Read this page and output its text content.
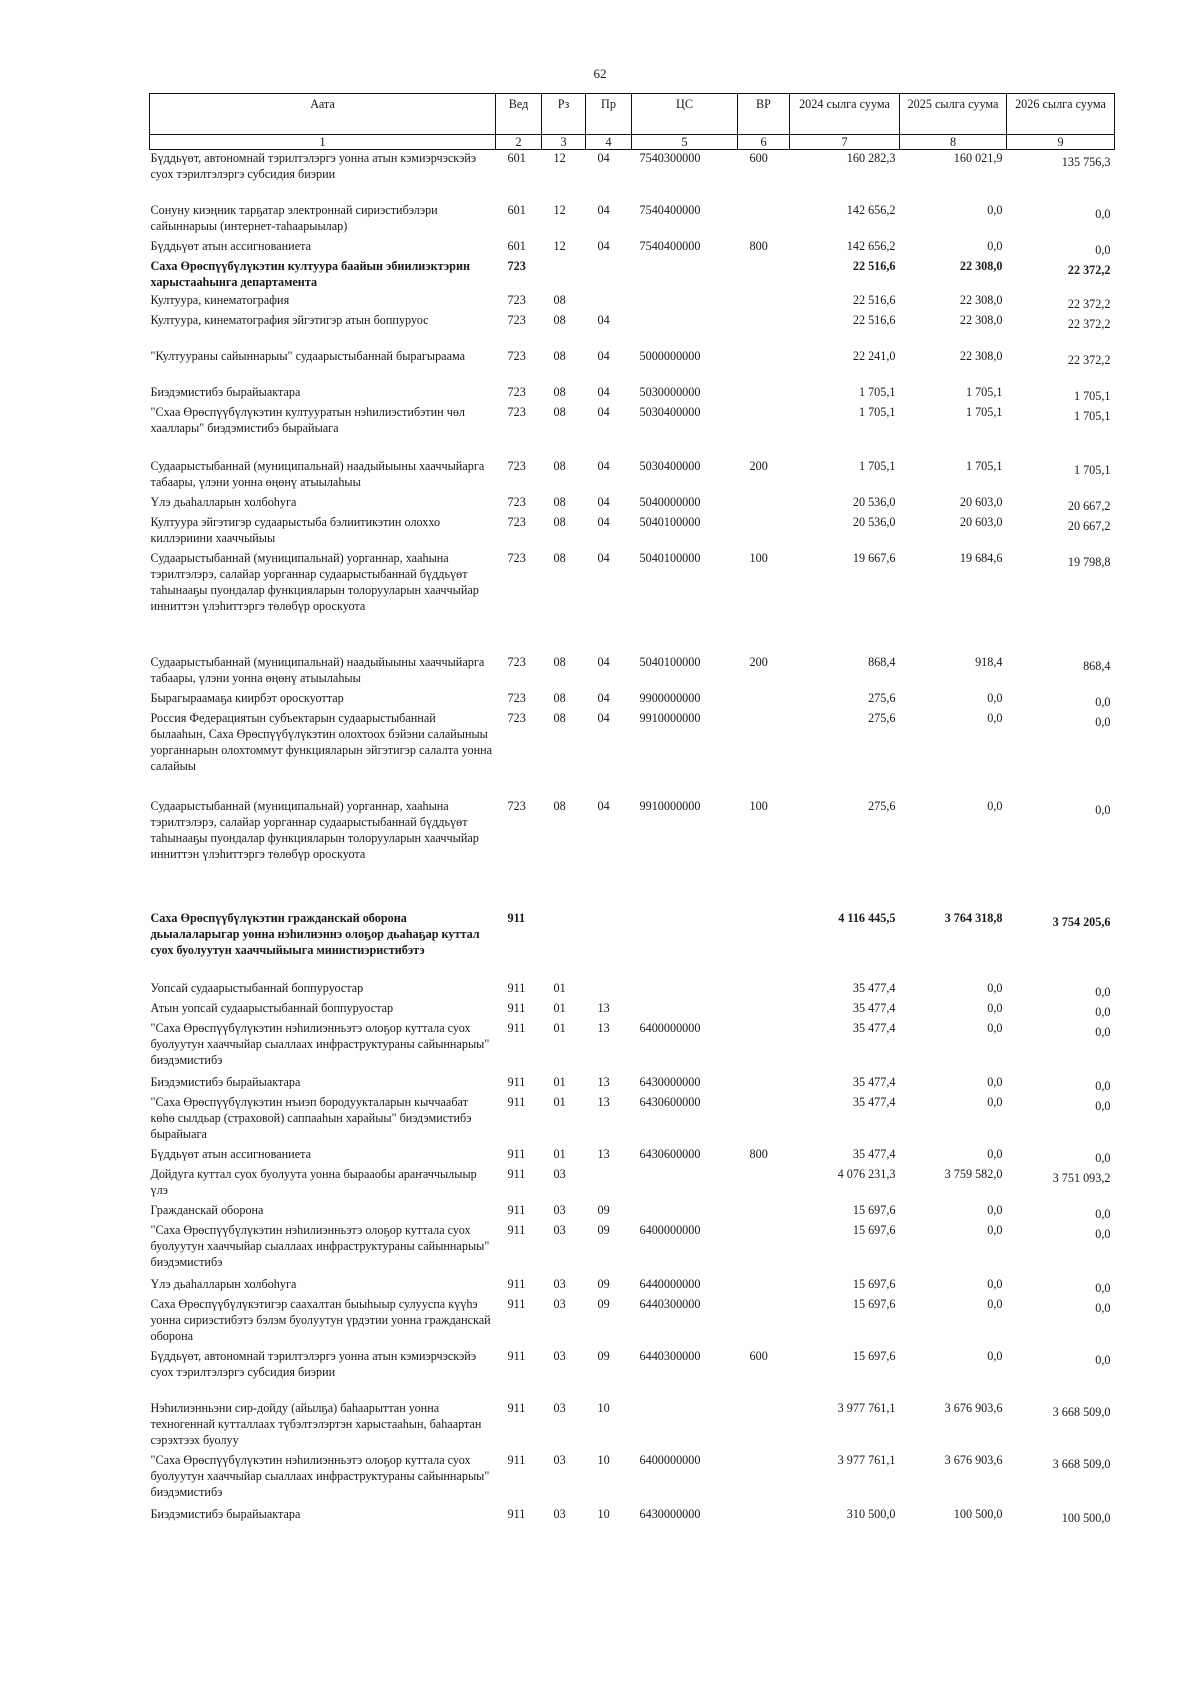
62
Аата	Вед	Рз	Пр	ЦС	ВР	2024 сылга суума	2025 сылга суума	2026 сылга суума
1	2	3	4	5	6	7	8	9
Бүддьүөт, автономнай тэрилтэлэргэ уонна атын кэмиэрчэскэйэ суох тэрилтэлэргэ субсидия биэрии	601	12	04	7540300000	600	160 282,3	160 021,9	135 756,3
Сонуну киэңник тарҕатар электроннай сириэстибэлэри сайыннарыы (интернет-таһаарыылар)	601	12	04	7540400000		142 656,2	0,0	0,0
Бүддьүөт атын ассигнованиета	601	12	04	7540400000	800	142 656,2	0,0	0,0
Саха Өрөспүүбүлүкэтин култуура баайын эбиилиэктэрин харыстааһынга департамента	723					22 516,6	22 308,0	22 372,2
Култуура, кинематография	723	08				22 516,6	22 308,0	22 372,2
Култуура, кинематография эйгэтигэр атын боппуруос	723	08	04			22 516,6	22 308,0	22 372,2
"Култуураны сайыннарыы" судаарыстыбаннай бырагыраама	723	08	04	5000000000		22 241,0	22 308,0	22 372,2
Биэдэмистибэ бырайыактара	723	08	04	5030000000		1 705,1	1 705,1	1 705,1
"Схаа Өрөспүүбүлүкэтин култууратын нэһилиэстибэтин чөл хааллары" биэдэмистибэ бырайыага	723	08	04	5030400000		1 705,1	1 705,1	1 705,1
Судаарыстыбаннай (муниципальнай) наадыйыыны хааччыйарга табаары, үлэни уонна өңөнү атыылаһыы	723	08	04	5030400000	200	1 705,1	1 705,1	1 705,1
Үлэ дьаһалларын холбоһуга	723	08	04	5040000000		20 536,0	20 603,0	20 667,2
Култуура эйгэтигэр судаарыстыба бэлиитикэтин олоххо киллэриини хааччыйыы	723	08	04	5040100000		20 536,0	20 603,0	20 667,2
Судаарыстыбаннай (муниципальнай) уорганнар, хааһына тэрилтэлэрэ, салайар уорганнар судаарыстыбаннай бүддьүөт таһынааҕы пуондалар функцияларын толорууларын хааччыйар инниттэн үлэһиттэргэ төлөбүр ороскуота	723	08	04	5040100000	100	19 667,6	19 684,6	19 798,8
Судаарыстыбаннай (муниципальнай) наадыйыыны хааччыйарга табаары, үлэни уонна өңөнү атыылаһыы	723	08	04	5040100000	200	868,4	918,4	868,4
Бырагыраамаҕа киирбэт ороскуоттар	723	08	04	9900000000		275,6	0,0	0,0
Россия Федерациятын субъектарын судаарыстыбаннай былааһын, Саха Өрөспүүбүлүкэтин олохтоох бэйэни салайыныы уорганнарын олохтоммут функцияларын эйгэтигэр салалта уонна салайыы	723	08	04	9910000000		275,6	0,0	0,0
Судаарыстыбаннай (муниципальнай) уорганнар, хааһына тэрилтэлэрэ, салайар уорганнар судаарыстыбаннай бүддьүөт таһынааҕы пуондалар функцияларын толорууларын хааччыйар инниттэн үлэһиттэргэ төлөбүр ороскуота	723	08	04	9910000000	100	275,6	0,0	0,0
Саха Өрөспүүбүлүкэтин гражданскай оборона дьыалаларыгар уонна нэһилиэннэ олоҕор дьаһаҕар куттал суох буолуутун хааччыйыыга министиэристибэтэ	911					4 116 445,5	3 764 318,8	3 754 205,6
Уопсай судаарыстыбаннай боппуруостар	911	01				35 477,4	0,0	0,0
Атын уопсай судаарыстыбаннай боппуруостар	911	01	13			35 477,4	0,0	0,0
"Саха Өрөспүүбүлүкэтин нэһилиэнньэтэ олоҕор куттала суох буолуутун хааччыйар сыаллаах инфраструктураны сайыннарыы" биэдэмистибэ	911	01	13	6400000000		35 477,4	0,0	0,0
Биэдэмистибэ бырайыактара	911	01	13	6430000000		35 477,4	0,0	0,0
"Саха Өрөспүүбүлүкэтин нъиэп бородуукталарын кыччаабат көһө сылдьар (страховой) саппааһын харайыы" биэдэмистибэ бырайыага	911	01	13	6430600000		35 477,4	0,0	0,0
Бүддьүөт атын ассигнованиета	911	01	13	6430600000	800	35 477,4	0,0	0,0
Дойдуга куттал суох буолуута уонна бырааобы араҥаччылыыр үлэ	911	03				4 076 231,3	3 759 582,0	3 751 093,2
Гражданскай оборона	911	03	09			15 697,6	0,0	0,0
"Саха Өрөспүүбүлүкэтин нэһилиэнньэтэ олоҕор куттала суох буолуутун хааччыйар сыаллаах инфраструктураны сайыннарыы" биэдэмистибэ	911	03	09	6400000000		15 697,6	0,0	0,0
Үлэ дьаһалларын холбоһуга	911	03	09	6440000000		15 697,6	0,0	0,0
Саха Өрөспүүбүлүкэтигэр саахалтан быыһыыр сулууспа күүһэ уонна сириэстибэтэ бэлэм буолуутун үрдэтии уонна гражданскай оборона	911	03	09	6440300000		15 697,6	0,0	0,0
Бүддьүөт, автономнай тэрилтэлэргэ уонна атын кэмиэрчэскэйэ суох тэрилтэлэргэ субсидия биэрии	911	03	09	6440300000	600	15 697,6	0,0	0,0
Нэһилиэнньэни сир-дойду (айылҕа) баһаарыттан уонна техногеннай кутталлаах түбэлтэлэртэн харыстааһын, баһаартан сэрэхтээх буолуу	911	03	10			3 977 761,1	3 676 903,6	3 668 509,0
"Саха Өрөспүүбүлүкэтин нэһилиэнньэтэ олоҕор куттала суох буолуутун хааччыйар сыаллаах инфраструктураны сайыннарыы" биэдэмистибэ	911	03	10	6400000000		3 977 761,1	3 676 903,6	3 668 509,0
Биэдэмистибэ бырайыактара	911	03	10	6430000000		310 500,0	100 500,0	100 500,0
